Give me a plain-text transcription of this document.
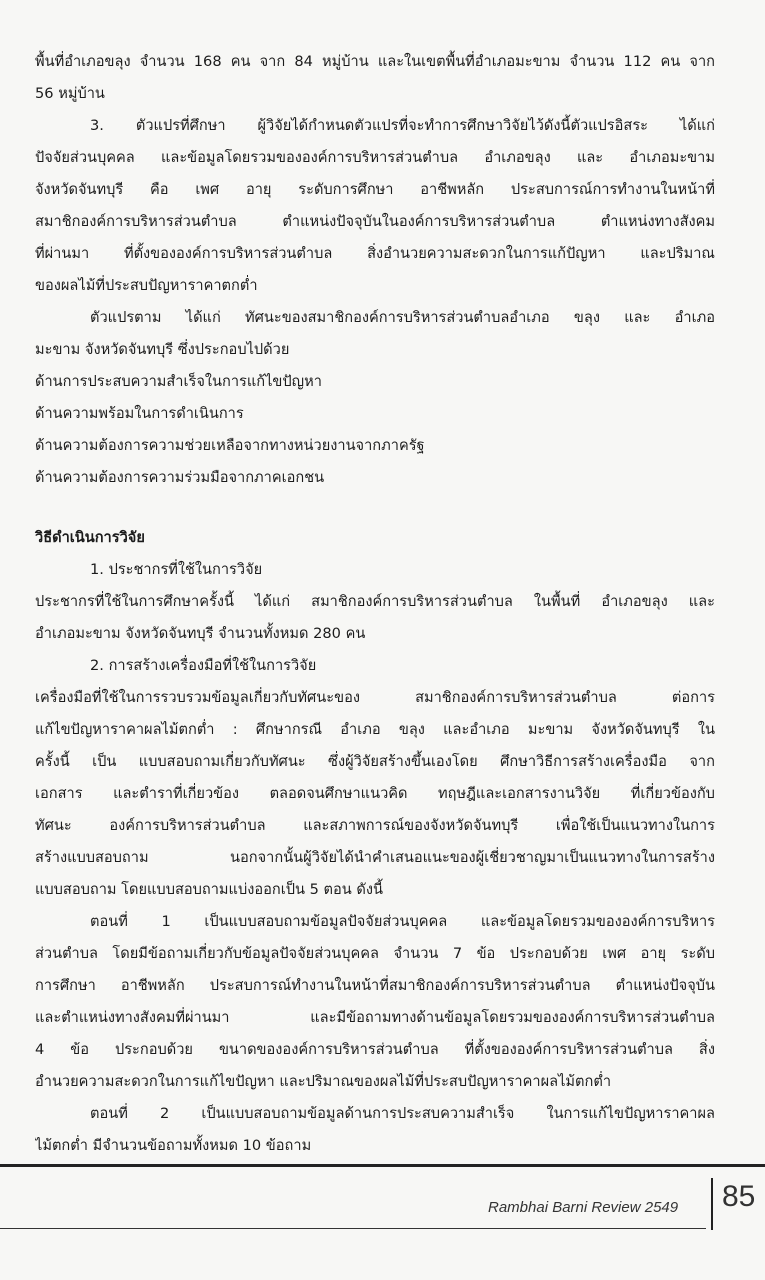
พื้นที่อำเภอขลุง จำนวน 168 คน จาก 84 หมู่บ้าน และในเขตพื้นที่อำเภอมะขาม จำนวน 112 คน จาก
56 หมู่บ้าน
3. ตัวแปรที่ศึกษา ผู้วิจัยได้กำหนดตัวแปรที่จะทำการศึกษาวิจัยไว้ดังนี้ตัวแปรอิสระ ได้แก่
ปัจจัยส่วนบุคคล และข้อมูลโดยรวมขององค์การบริหารส่วนตำบล อำเภอขลุง และ อำเภอมะขาม
จังหวัดจันทบุรี คือ เพศ อายุ ระดับการศึกษา อาชีพหลัก ประสบการณ์การทำงานในหน้าที่
สมาชิกองค์การบริหารส่วนตำบล	ตำแหน่งปัจจุบันในองค์การบริหารส่วนตำบล	ตำแหน่งทางสังคม
ที่ผ่านมา ที่ตั้งขององค์การบริหารส่วนตำบล สิ่งอำนวยความสะดวกในการแก้ปัญหา และปริมาณ
ของผลไม้ที่ประสบปัญหาราคาตกต่ำ
ตัวแปรตาม ได้แก่ ทัศนะของสมาชิกองค์การบริหารส่วนตำบลอำเภอ ขลุง และ อำเภอ
มะขาม จังหวัดจันทบุรี ซึ่งประกอบไปด้วย
ด้านการประสบความสำเร็จในการแก้ไขปัญหา
ด้านความพร้อมในการดำเนินการ
ด้านความต้องการความช่วยเหลือจากทางหน่วยงานจากภาครัฐ
ด้านความต้องการความร่วมมือจากภาคเอกชน
วิธีดำเนินการวิจัย
1. ประชากรที่ใช้ในการวิจัย
ประชากรที่ใช้ในการศึกษาครั้งนี้ ได้แก่ สมาชิกองค์การบริหารส่วนตำบล ในพื้นที่ อำเภอขลุง และ
อำเภอมะขาม จังหวัดจันทบุรี จำนวนทั้งหมด 280 คน
2. การสร้างเครื่องมือที่ใช้ในการวิจัย
เครื่องมือที่ใช้ในการรวบรวมข้อมูลเกี่ยวกับทัศนะของ	สมาชิกองค์การบริหารส่วนตำบล	ต่อการ
แก้ไขปัญหาราคาผลไม้ตกต่ำ : ศึกษากรณี อำเภอ ขลุง และอำเภอ มะขาม จังหวัดจันทบุรี ใน
ครั้งนี้ เป็น แบบสอบถามเกี่ยวกับทัศนะ ซึ่งผู้วิจัยสร้างขึ้นเองโดย ศึกษาวิธีการสร้างเครื่องมือ จาก
เอกสาร และตำราที่เกี่ยวข้อง ตลอดจนศึกษาแนวคิด ทฤษฎีและเอกสารงานวิจัย ที่เกี่ยวข้องกับ
ทัศนะ	องค์การบริหารส่วนตำบล	และสภาพการณ์ของจังหวัดจันทบุรี	เพื่อใช้เป็นแนวทางในการ
สร้างแบบสอบถาม	นอกจากนั้นผู้วิจัยได้นำคำเสนอแนะของผู้เชี่ยวชาญมาเป็นแนวทางในการสร้าง
แบบสอบถาม โดยแบบสอบถามแบ่งออกเป็น 5 ตอน ดังนี้
ตอนที่ 1 เป็นแบบสอบถามข้อมูลปัจจัยส่วนบุคคล และข้อมูลโดยรวมขององค์การบริหาร
ส่วนตำบล โดยมีข้อถามเกี่ยวกับข้อมูลปัจจัยส่วนบุคคล จำนวน 7 ข้อ ประกอบด้วย เพศ อายุ ระดับ
การศึกษา อาชีพหลัก ประสบการณ์ทำงานในหน้าที่สมาชิกองค์การบริหารส่วนตำบล ตำแหน่งปัจจุบัน
และตำแหน่งทางสังคมที่ผ่านมา	และมีข้อถามทางด้านข้อมูลโดยรวมขององค์การบริหารส่วนตำบล
4 ข้อ ประกอบด้วย ขนาดขององค์การบริหารส่วนตำบล ที่ตั้งขององค์การบริหารส่วนตำบล สิ่ง
อำนวยความสะดวกในการแก้ไขปัญหา และปริมาณของผลไม้ที่ประสบปัญหาราคาผลไม้ตกต่ำ
ตอนที่ 2 เป็นแบบสอบถามข้อมูลด้านการประสบความสำเร็จ ในการแก้ไขปัญหาราคาผล
ไม้ตกต่ำ มีจำนวนข้อถามทั้งหมด 10 ข้อถาม
Rambhai Barni Review 2549 85
